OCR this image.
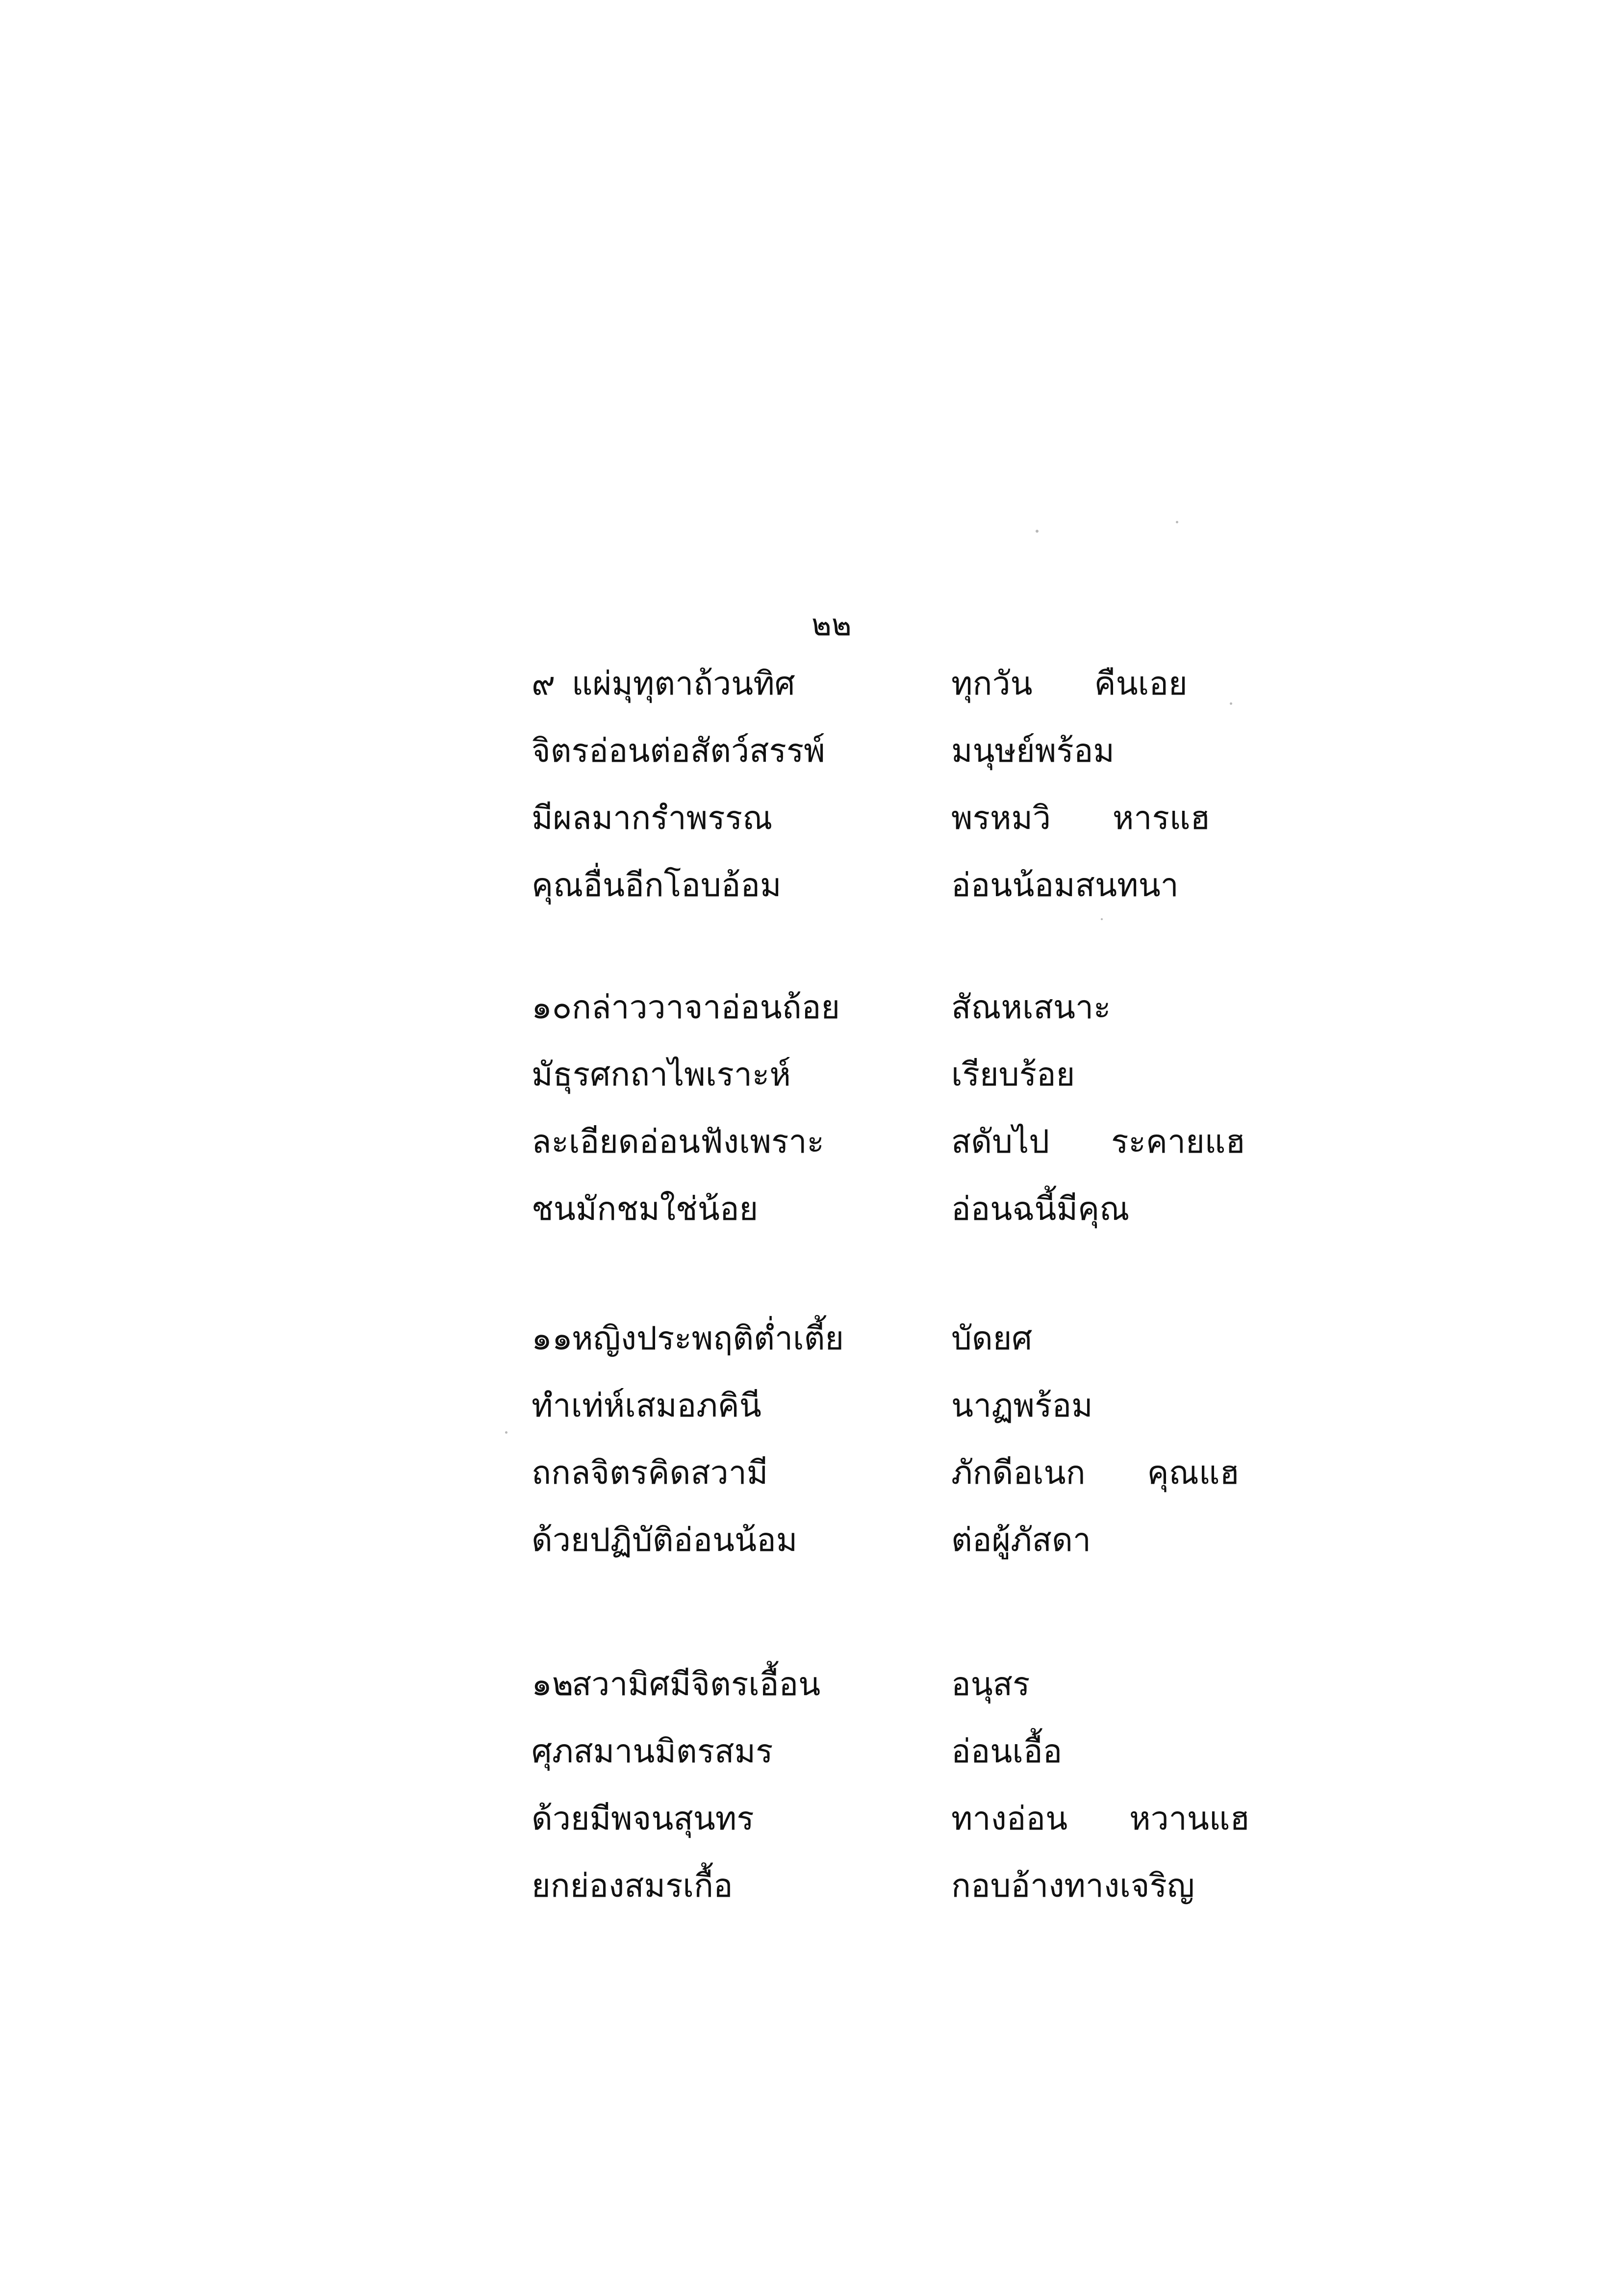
๒๒
๙ แผ่มุทุตาถ้วนทิศ	ทุกวัน      คืนเอย
จิตรอ่อนต่อสัตว์สรรพ์	มนุษย์พร้อม
มีผลมากรำพรรณ	พรหมวิ      หารแฮ
คุณอื่นอีกโอบอ้อม	อ่อนน้อมสนทนา
๑๐กล่าววาจาอ่อนถ้อย	สัณหเสนาะ
มัธุรศกถาไพเราะห์	เรียบร้อย
ละเอียดอ่อนฟังเพราะ	สดับไป      ระคายแฮ
ชนมักชมใช่น้อย	อ่อนฉนี้มีคุณ
๑๑หญิงประพฤติต่ำเตี้ย	บัดยศ
ทำเท่ห์เสมอภคินี	นาฏพร้อม
ถกลจิตรคิดสวามี	ภักดีอเนก      คุณแฮ
ด้วยปฏิบัติอ่อนน้อม	ต่อผู้ภัสดา
๑๒สวามิศมีจิตรเอื้อน	อนุสร
ศุภสมานมิตรสมร	อ่อนเอื้อ
ด้วยมีพจนสุนทร	ทางอ่อน      หวานแฮ
ยกย่องสมรเกื้อ	กอบอ้างทางเจริญ
